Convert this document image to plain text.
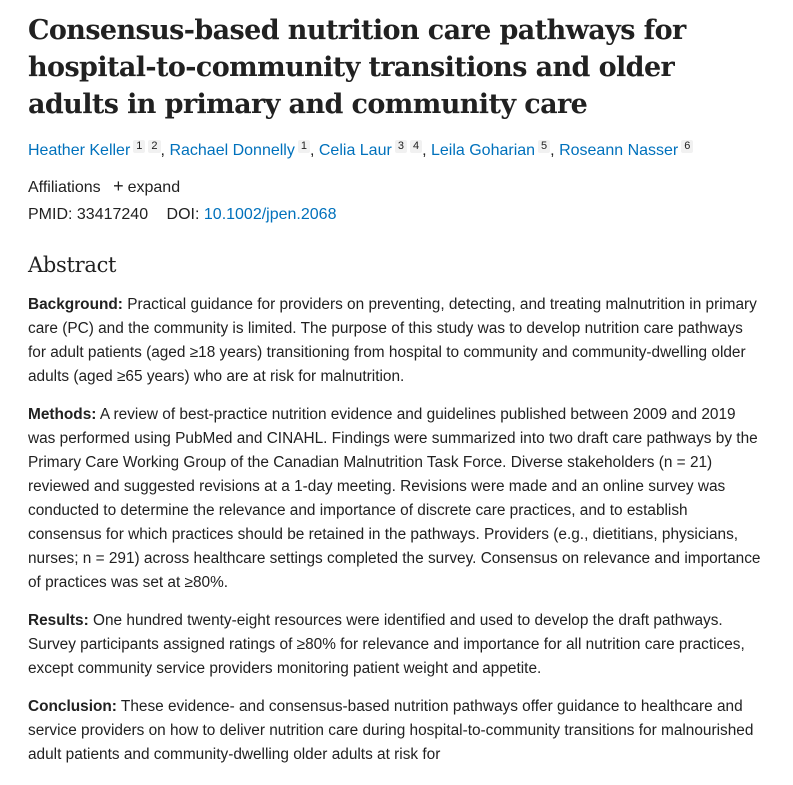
Consensus-based nutrition care pathways for hospital-to-community transitions and older adults in primary and community care
Heather Keller 1 2 , Rachael Donnelly 1 , Celia Laur 3 4 , Leila Goharian 5 , Roseann Nasser 6
Affiliations + expand
PMID: 33417240 DOI: 10.1002/jpen.2068
Abstract

Background: Practical guidance for providers on preventing, detecting, and treating malnutrition in primary care (PC) and the community is limited. The purpose of this study was to develop nutrition care pathways for adult patients (aged ≥18 years) transitioning from hospital to community and community-dwelling older adults (aged ≥65 years) who are at risk for malnutrition.

Methods: A review of best-practice nutrition evidence and guidelines published between 2009 and 2019 was performed using PubMed and CINAHL. Findings were summarized into two draft care pathways by the Primary Care Working Group of the Canadian Malnutrition Task Force. Diverse stakeholders (n = 21) reviewed and suggested revisions at a 1-day meeting. Revisions were made and an online survey was conducted to determine the relevance and importance of discrete care practices, and to establish consensus for which practices should be retained in the pathways. Providers (e.g., dietitians, physicians, nurses; n = 291) across healthcare settings completed the survey. Consensus on relevance and importance of practices was set at ≥80%.

Results: One hundred twenty-eight resources were identified and used to develop the draft pathways. Survey participants assigned ratings of ≥80% for relevance and importance for all nutrition care practices, except community service providers monitoring patient weight and appetite.

Conclusion: These evidence- and consensus-based nutrition pathways offer guidance to healthcare and service providers on how to deliver nutrition care during hospital-to-community transitions for malnourished adult patients and community-dwelling older adults at risk for
